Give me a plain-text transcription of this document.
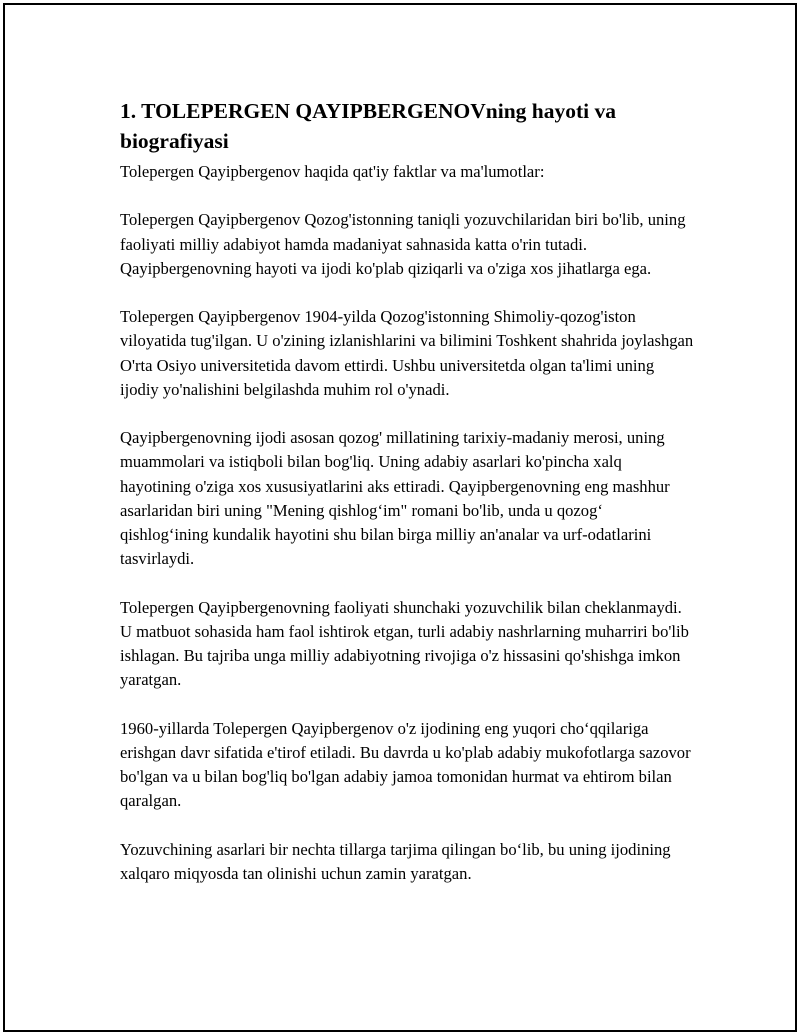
1. TOLEPERGEN QAYIPBERGENOVning hayoti va biografiyasi

Tolepergen Qayipbergenov haqida qat'iy faktlar va ma'lumotlar:

Tolepergen Qayipbergenov Qozog'istonning taniqli yozuvchilaridan biri bo'lib, uning faoliyati milliy adabiyot hamda madaniyat sahnasida katta o'rin tutadi. Qayipbergenovning hayoti va ijodi ko'plab qiziqarli va o'ziga xos jihatlarga ega.

Tolepergen Qayipbergenov 1904-yilda Qozog'istonning Shimoliy-qozog'iston viloyatida tug'ilgan. U o'zining izlanishlarini va bilimini Toshkent shahrida joylashgan O'rta Osiyo universitetida davom ettirdi. Ushbu universitetda olgan ta'limi uning ijodiy yo'nalishini belgilashda muhim rol o'ynadi.

Qayipbergenovning ijodi asosan qozog' millatining tarixiy-madaniy merosi, uning muammolari va istiqboli bilan bog'liq. Uning adabiy asarlari ko'pincha xalq hayotining o'ziga xos xususiyatlarini aks ettiradi. Qayipbergenovning eng mashhur asarlaridan biri uning "Mening qishlog‘im" romani bo'lib, unda u qozog‘ qishlog‘ining kundalik hayotini shu bilan birga milliy an'analar va urf-odatlarini tasvirlaydi.

Tolepergen Qayipbergenovning faoliyati shunchaki yozuvchilik bilan cheklanmaydi. U matbuot sohasida ham faol ishtirok etgan, turli adabiy nashrlarning muharriri bo'lib ishlagan. Bu tajriba unga milliy adabiyotning rivojiga o'z hissasini qo'shishga imkon yaratgan.

1960-yillarda Tolepergen Qayipbergenov o'z ijodining eng yuqori cho‘qqilariga erishgan davr sifatida e'tirof etiladi. Bu davrda u ko'plab adabiy mukofotlarga sazovor bo'lgan va u bilan bog'liq bo'lgan adabiy jamoa tomonidan hurmat va ehtirom bilan qaralgan.

Yozuvchining asarlari bir nechta tillarga tarjima qilingan bo‘lib, bu uning ijodining xalqaro miqyosda tan olinishi uchun zamin yaratgan.
